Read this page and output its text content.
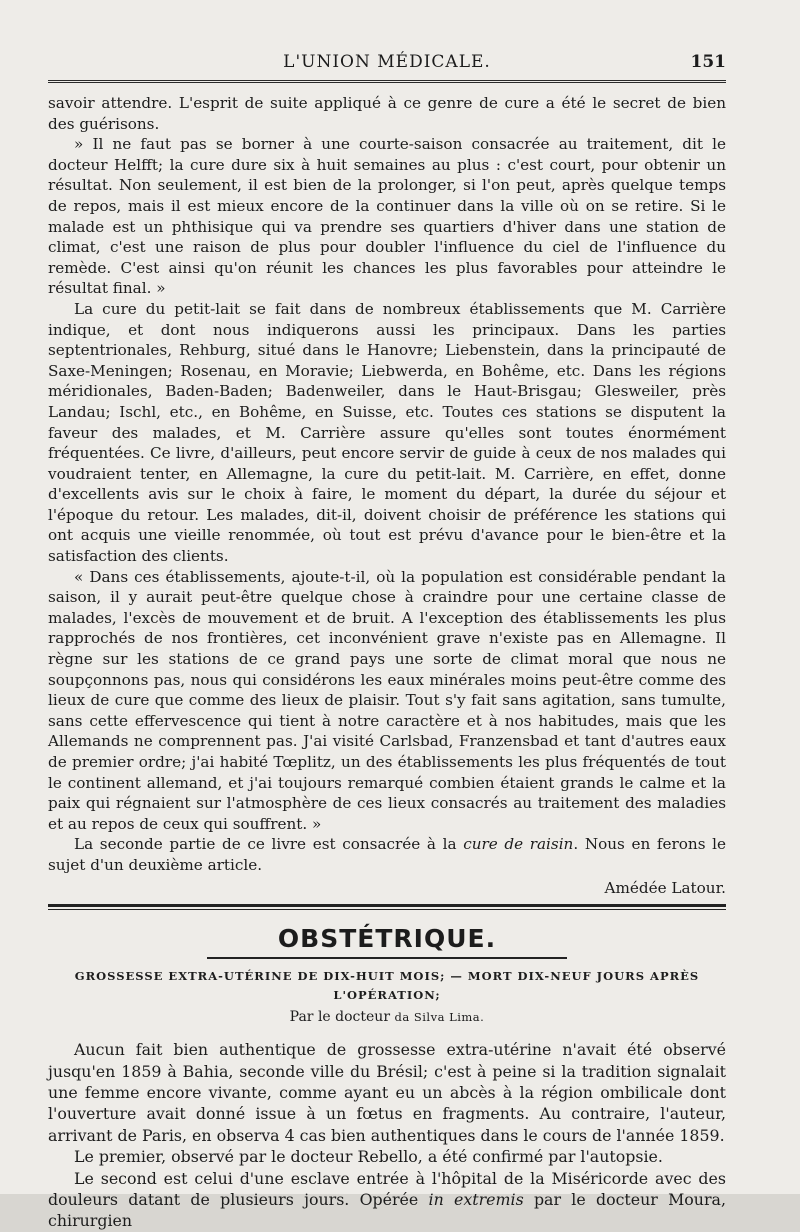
L'UNION MÉDICALE.	151

savoir attendre. L'esprit de suite appliqué à ce genre de cure a été le secret de bien des guérisons.

» Il ne faut pas se borner à une courte-saison consacrée au traitement, dit le docteur Helfft; la cure dure six à huit semaines au plus : c'est court, pour obtenir un résultat. Non seulement, il est bien de la prolonger, si l'on peut, après quelque temps de repos, mais il est mieux encore de la continuer dans la ville où on se retire. Si le malade est un phthisique qui va prendre ses quartiers d'hiver dans une station de climat, c'est une raison de plus pour doubler l'influence du ciel de l'influence du remède. C'est ainsi qu'on réunit les chances les plus favorables pour atteindre le résultat final. »

La cure du petit-lait se fait dans de nombreux établissements que M. Carrière indique, et dont nous indiquerons aussi les principaux. Dans les parties septentrionales, Rehburg, situé dans le Hanovre; Liebenstein, dans la principauté de Saxe-Meningen; Rosenau, en Moravie; Liebwerda, en Bohême, etc. Dans les régions méridionales, Baden-Baden; Badenweiler, dans le Haut-Brisgau; Glesweiler, près Landau; Ischl, etc., en Bohême, en Suisse, etc. Toutes ces stations se disputent la faveur des malades, et M. Carrière assure qu'elles sont toutes énormément fréquentées. Ce livre, d'ailleurs, peut encore servir de guide à ceux de nos malades qui voudraient tenter, en Allemagne, la cure du petit-lait. M. Carrière, en effet, donne d'excellents avis sur le choix à faire, le moment du départ, la durée du séjour et l'époque du retour. Les malades, dit-il, doivent choisir de préférence les stations qui ont acquis une vieille renommée, où tout est prévu d'avance pour le bien-être et la satisfaction des clients.

« Dans ces établissements, ajoute-t-il, où la population est considérable pendant la saison, il y aurait peut-être quelque chose à craindre pour une certaine classe de malades, l'excès de mouvement et de bruit. A l'exception des établissements les plus rapprochés de nos frontières, cet inconvénient grave n'existe pas en Allemagne. Il règne sur les stations de ce grand pays une sorte de climat moral que nous ne soupçonnons pas, nous qui considérons les eaux minérales moins peut-être comme des lieux de cure que comme des lieux de plaisir. Tout s'y fait sans agitation, sans tumulte, sans cette effervescence qui tient à notre caractère et à nos habitudes, mais que les Allemands ne comprennent pas. J'ai visité Carlsbad, Franzensbad et tant d'autres eaux de premier ordre; j'ai habité Tœplitz, un des établissements les plus fréquentés de tout le continent allemand, et j'ai toujours remarqué combien étaient grands le calme et la paix qui régnaient sur l'atmosphère de ces lieux consacrés au traitement des maladies et au repos de ceux qui souffrent. »

La seconde partie de ce livre est consacrée à la cure de raisin. Nous en ferons le sujet d'un deuxième article.

Amédée Latour.
OBSTÉTRIQUE.
GROSSESSE EXTRA-UTÉRINE DE DIX-HUIT MOIS; — MORT DIX-NEUF JOURS APRÈS
L'OPÉRATION;
Par le docteur da Silva Lima.

Aucun fait bien authentique de grossesse extra-utérine n'avait été observé jusqu'en 1859 à Bahia, seconde ville du Brésil; c'est à peine si la tradition signalait une femme encore vivante, comme ayant eu un abcès à la région ombilicale dont l'ouverture avait donné issue à un fœtus en fragments. Au contraire, l'auteur, arrivant de Paris, en observa 4 cas bien authentiques dans le cours de l'année 1859.

Le premier, observé par le docteur Rebello, a été confirmé par l'autopsie.

Le second est celui d'une esclave entrée à l'hôpital de la Miséricorde avec des douleurs datant de plusieurs jours. Opérée in extremis par le docteur Moura, chirurgien
